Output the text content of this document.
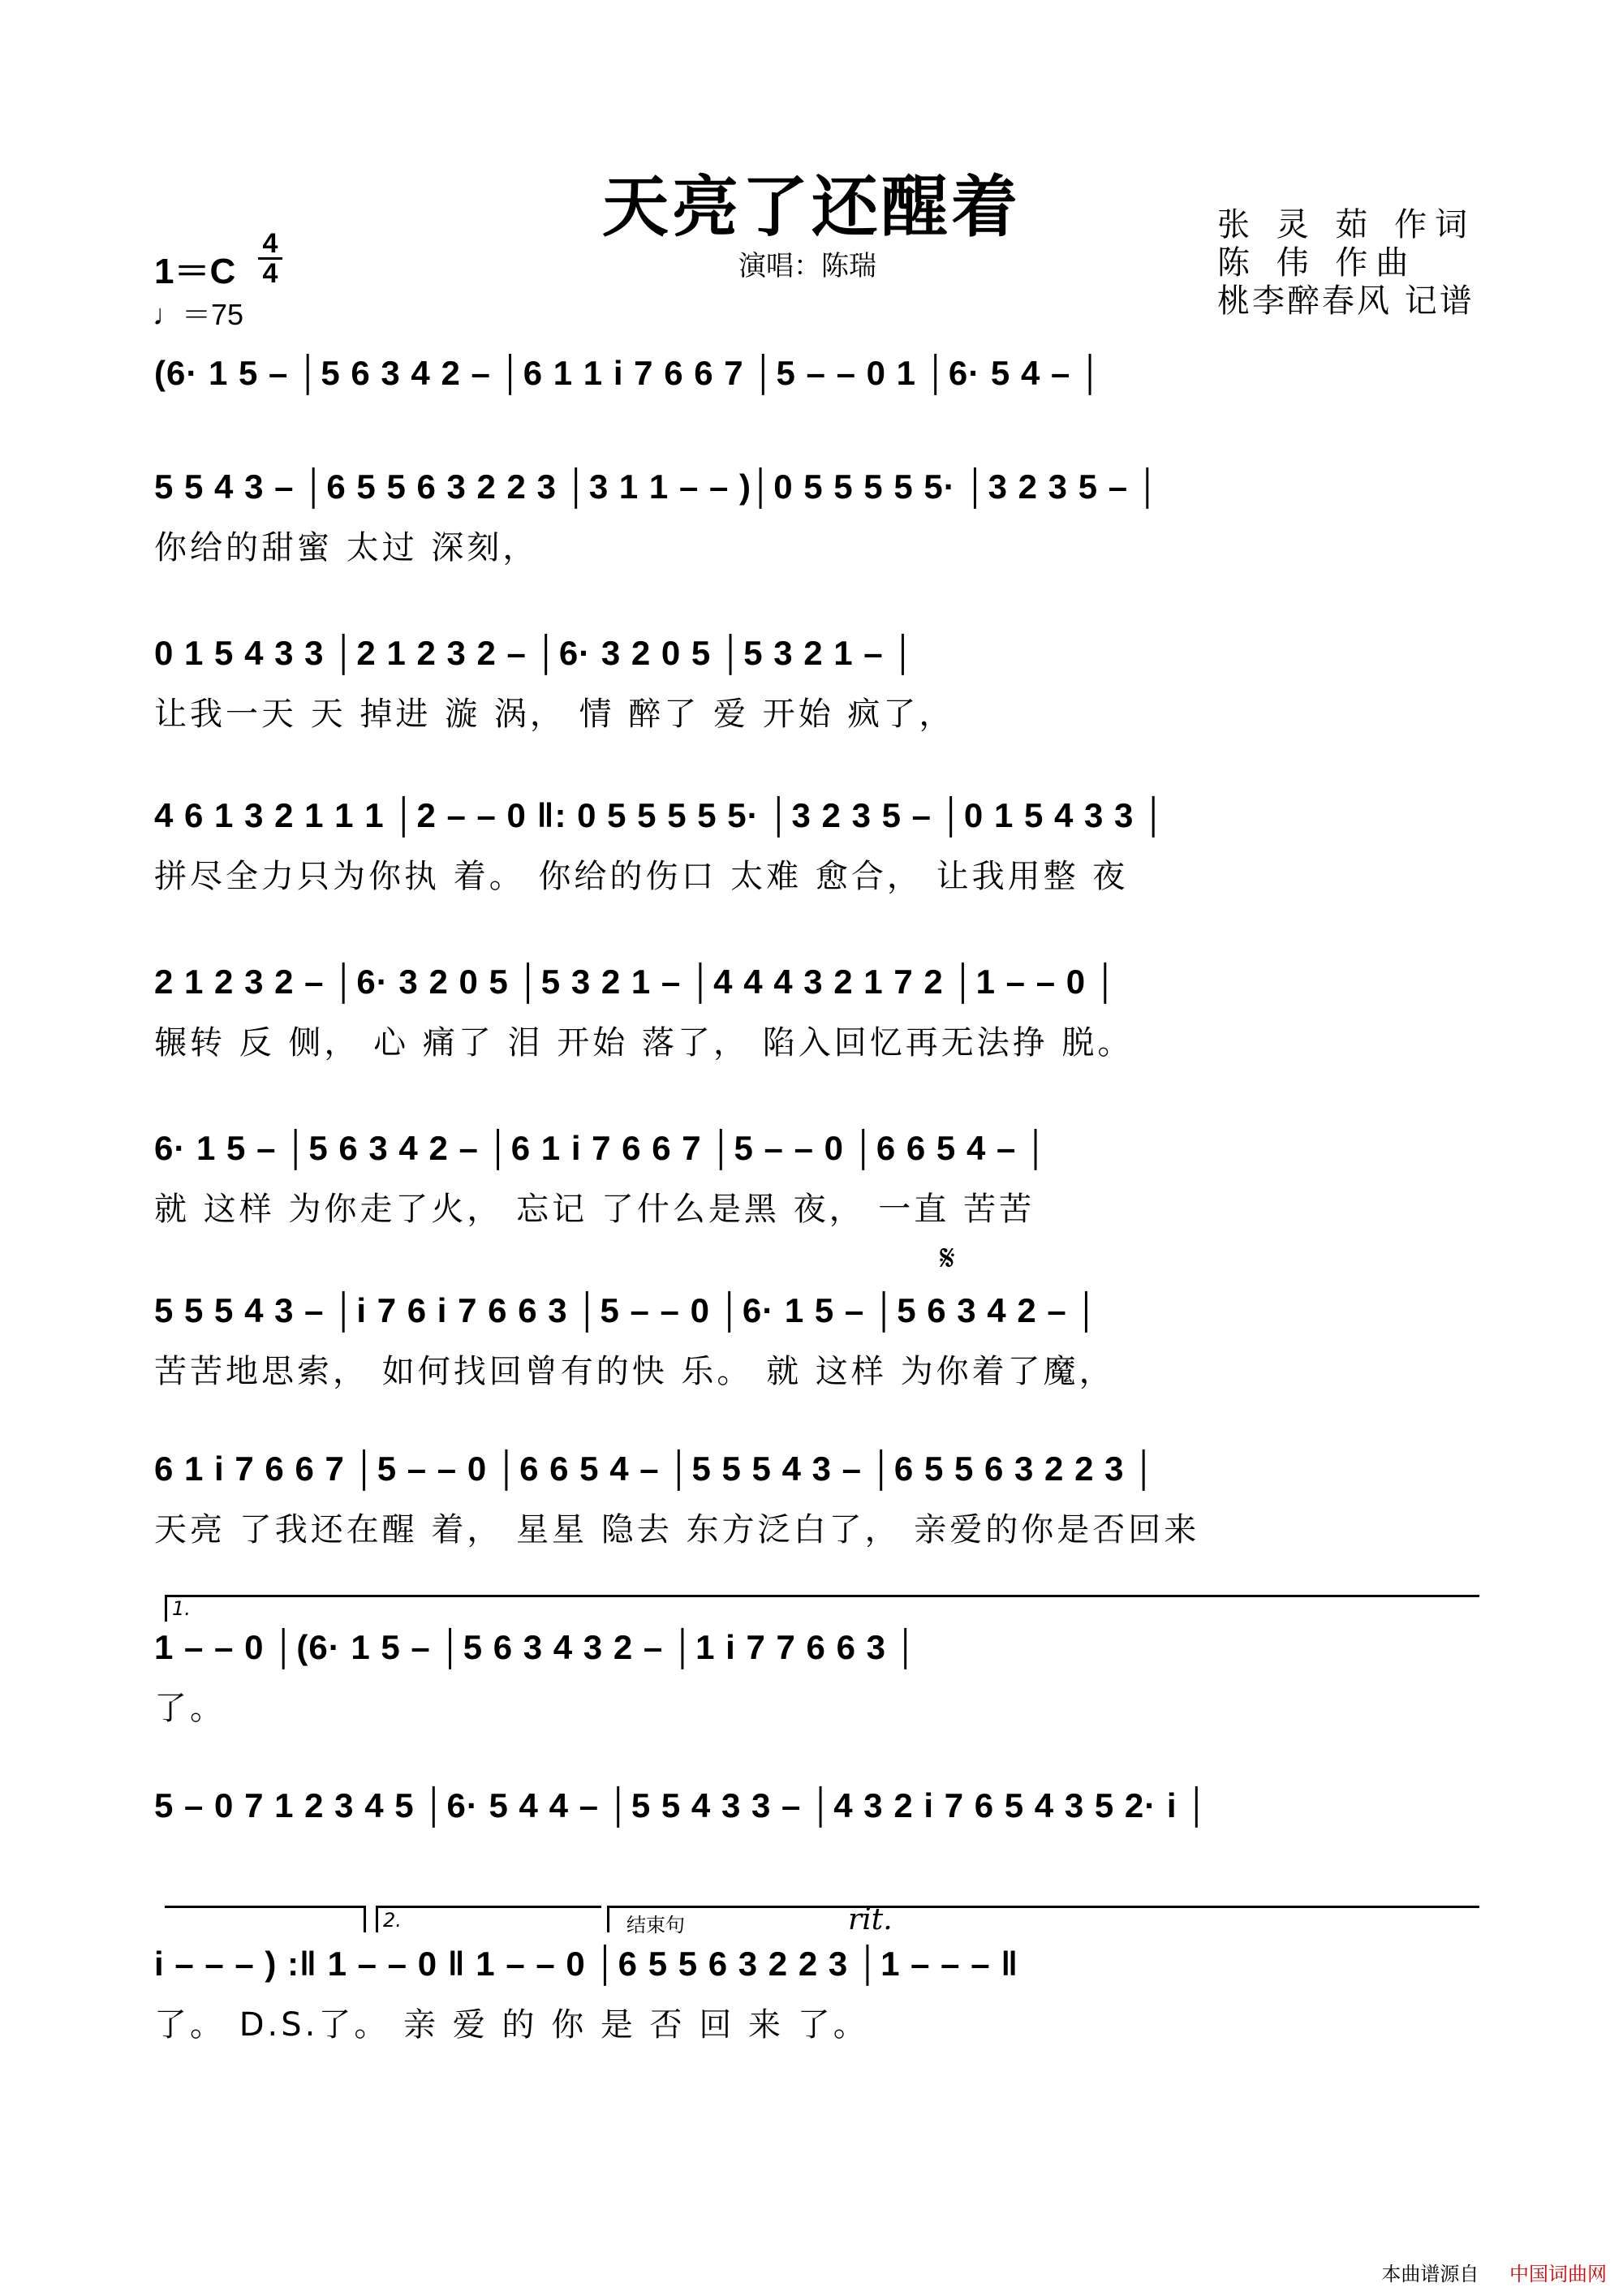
天亮了还醒着
演唱：陈瑞
张 灵 茹 作词
陈 伟 作曲
桃李醉春风 记谱
1＝C
4
4
♩＝75
(6· 1 5 – │5 6 3 4 2 – │6 1 1 i 7 6 6 7 │5 – – 0 1 │6· 5 4 – │
5 5 4 3 – │6 5 5 6 3 2 2 3 │3 1 1 – – )│0 5 5 5 5 5· │3 2 3 5 – │
你给的甜蜜 太过 深刻，
0 1 5 4 3 3 │2 1 2 3 2 – │6· 3 2 0 5 │5 3 2 1 – │
让我一天 天 掉进 漩 涡， 情 醉了 爱 开始 疯了，
4 6 1 3 2 1 1 1 │2 – – 0 ‖: 0 5 5 5 5 5· │3 2 3 5 – │0 1 5 4 3 3 │
拼尽全力只为你执 着。 你给的伤口 太难 愈合， 让我用整 夜
2 1 2 3 2 – │6· 3 2 0 5 │5 3 2 1 – │4 4 4 3 2 1 7 2 │1 – – 0 │
辗转 反 侧， 心 痛了 泪 开始 落了， 陷入回忆再无法挣 脱。
6· 1 5 – │5 6 3 4 2 – │6 1 i 7 6 6 7 │5 – – 0 │6 6 5 4 – │
就 这样 为你走了火， 忘记 了什么是黑 夜， 一直 苦苦
𝄋
5 5 5 4 3 – │i 7 6 i 7 6 6 3 │5 – – 0 │6· 1 5 – │5 6 3 4 2 – │
苦苦地思索， 如何找回曾有的快 乐。 就 这样 为你着了魔，
6 1 i 7 6 6 7 │5 – – 0 │6 6 5 4 – │5 5 5 4 3 – │6 5 5 6 3 2 2 3 │
天亮 了我还在醒 着， 星星 隐去 东方泛白了， 亲爱的你是否回来
1.
1 – – 0 │(6· 1 5 – │5 6 3 4 3 2 – │1 i 7 7 6 6 3 │
了。
5 – 0 7 1 2 3 4 5 │6· 5 4 4 – │5 5 4 3 3 – │4 3 2 i 7 6 5 4 3 5 2· i │
2.	结束句	rit.
i – – – ) :‖ 1 – – 0 ‖ 1 – – 0 │6 5 5 6 3 2 2 3 │1 – – – ‖
了。 D.S.了。 亲 爱 的 你 是 否 回 来 了。
本曲谱源自 中国词曲网
